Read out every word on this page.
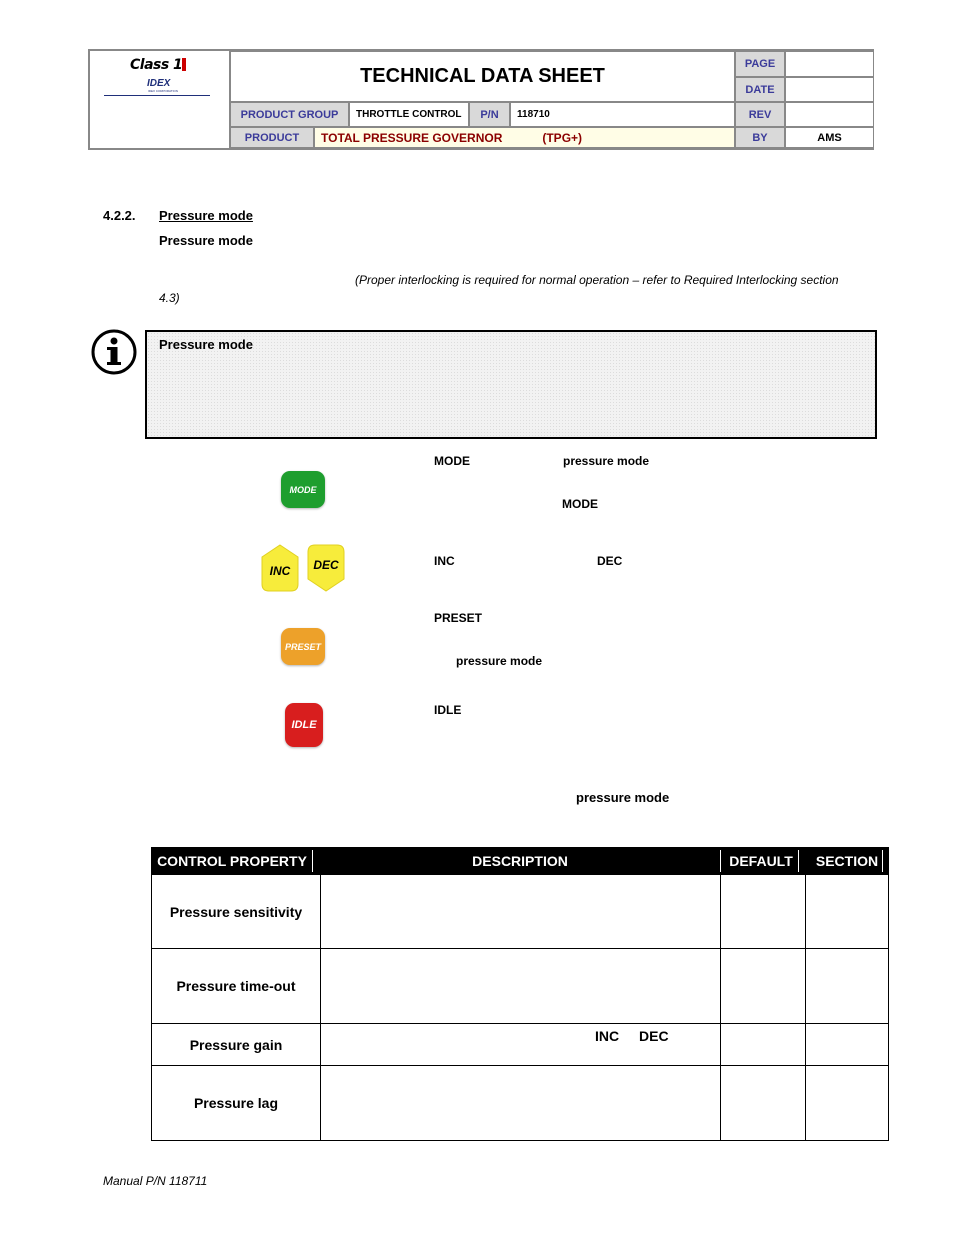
Class 1
IDEX
IDEX CORPORATION
TECHNICAL DATA SHEET
PAGE
DATE
PRODUCT GROUP	THROTTLE CONTROL	P/N	118710	REV
PRODUCT	TOTAL PRESSURE GOVERNOR	(TPG+)	BY	AMS
4.2.2. Pressure mode
Pressure mode
(Proper interlocking is required for normal operation – refer to Required Interlocking section
4.3)
Pressure mode
MODE
INC	DEC
PRESET
IDLE
MODE	pressure mode
MODE
INC	DEC
PRESET
pressure mode
IDLE
pressure mode
CONTROL PROPERTY	DESCRIPTION	DEFAULT	SECTION
Pressure sensitivity
Pressure time-out
Pressure gain
INC DEC
Pressure lag
Manual P/N 118711
